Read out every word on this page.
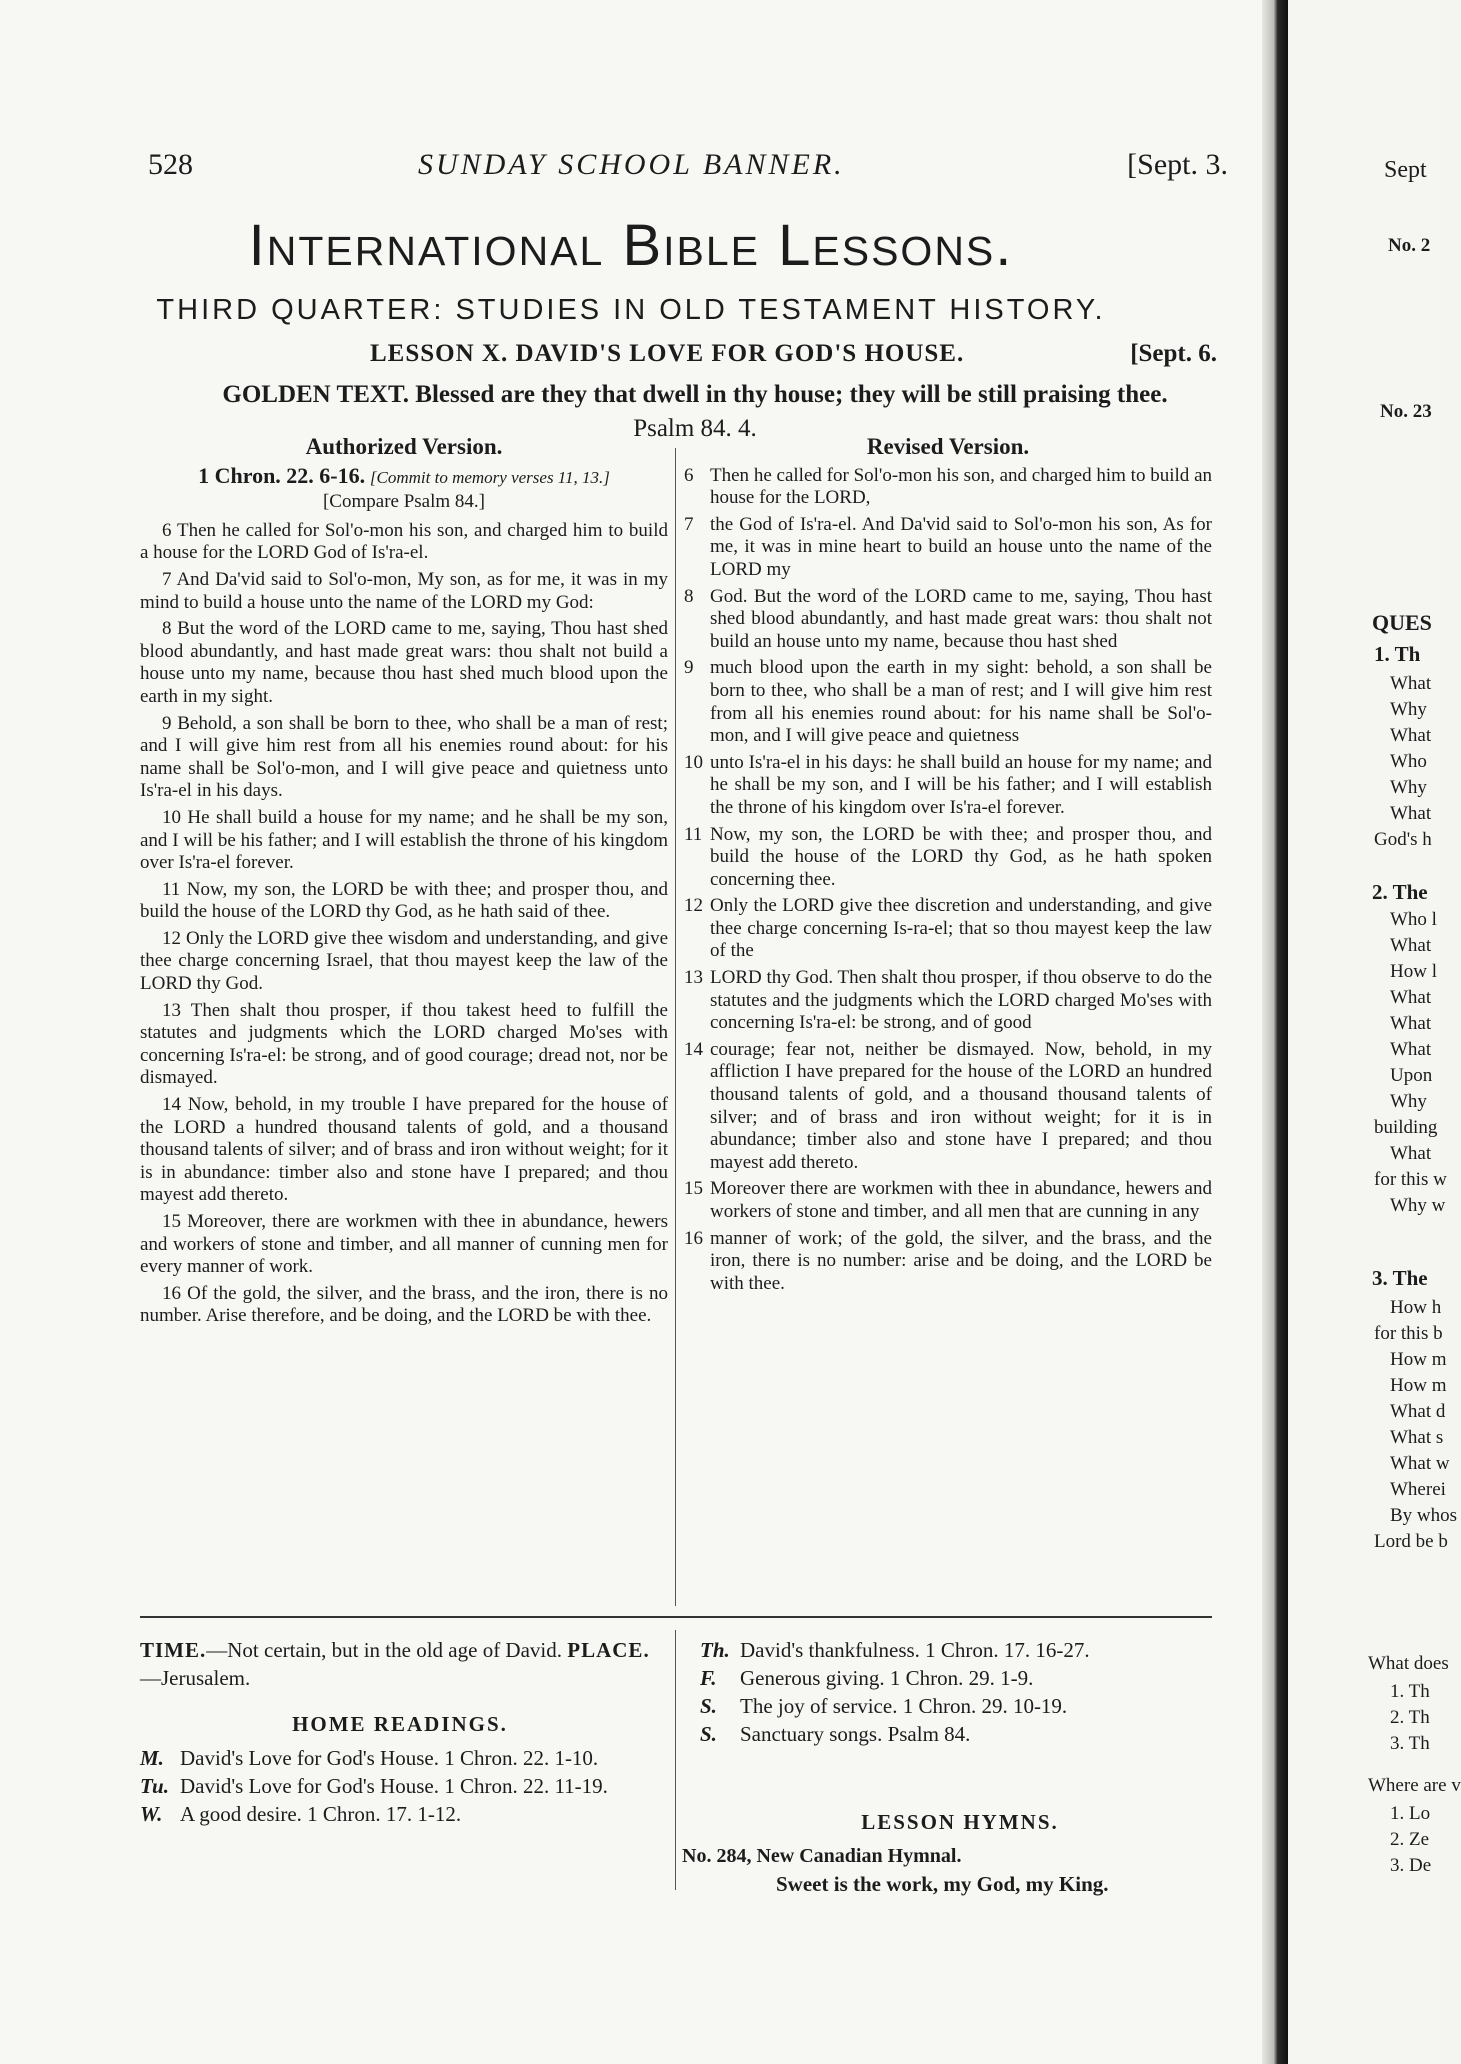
528	SUNDAY SCHOOL BANNER.	[Sept. 3.
International Bible Lessons.
THIRD QUARTER: STUDIES IN OLD TESTAMENT HISTORY.
LESSON X. DAVID'S LOVE FOR GOD'S HOUSE.	[Sept. 6.
GOLDEN TEXT. Blessed are they that dwell in thy house; they will be still praising thee. Psalm 84. 4.
Authorized Version.
1 Chron. 22. 6-16. [Commit to memory verses 11, 13.]
[Compare Psalm 84.]

6 Then he called for Sol'o-mon his son, and charged him to build a house for the LORD God of Is'ra-el.

7 And Da'vid said to Sol'o-mon, My son, as for me, it was in my mind to build a house unto the name of the LORD my God:

8 But the word of the LORD came to me, saying, Thou hast shed blood abundantly, and hast made great wars: thou shalt not build a house unto my name, because thou hast shed much blood upon the earth in my sight.

9 Behold, a son shall be born to thee, who shall be a man of rest; and I will give him rest from all his enemies round about: for his name shall be Sol'o-mon, and I will give peace and quietness unto Is'ra-el in his days.

10 He shall build a house for my name; and he shall be my son, and I will be his father; and I will establish the throne of his kingdom over Is'ra-el forever.

11 Now, my son, the LORD be with thee; and prosper thou, and build the house of the LORD thy God, as he hath said of thee.

12 Only the LORD give thee wisdom and understanding, and give thee charge concerning Israel, that thou mayest keep the law of the LORD thy God.

13 Then shalt thou prosper, if thou takest heed to fulfill the statutes and judgments which the LORD charged Mo'ses with concerning Is'ra-el: be strong, and of good courage; dread not, nor be dismayed.

14 Now, behold, in my trouble I have prepared for the house of the LORD a hundred thousand talents of gold, and a thousand thousand talents of silver; and of brass and iron without weight; for it is in abundance: timber also and stone have I prepared; and thou mayest add thereto.

15 Moreover, there are workmen with thee in abundance, hewers and workers of stone and timber, and all manner of cunning men for every manner of work.

16 Of the gold, the silver, and the brass, and the iron, there is no number. Arise therefore, and be doing, and the LORD be with thee.

Revised Version.
6 Then he called for Sol'o-mon his son, and charged him to build an house for the LORD,
7 the God of Is'ra-el. And Da'vid said to Sol'o-mon his son, As for me, it was in mine heart to build an house unto the name of the LORD my
8 God. But the word of the LORD came to me, saying, Thou hast shed blood abundantly, and hast made great wars: thou shalt not build an house unto my name, because thou hast shed
9 much blood upon the earth in my sight: behold, a son shall be born to thee, who shall be a man of rest; and I will give him rest from all his enemies round about: for his name shall be Sol'o-mon, and I will give peace and quietness
10 unto Is'ra-el in his days: he shall build an house for my name; and he shall be my son, and I will be his father; and I will establish the throne of his kingdom over Is'ra-el forever.
11 Now, my son, the LORD be with thee; and prosper thou, and build the house of the LORD thy God, as he hath spoken concerning thee.
12 Only the LORD give thee discretion and understanding, and give thee charge concerning Is-ra-el; that so thou mayest keep the law of the
13 LORD thy God. Then shalt thou prosper, if thou observe to do the statutes and the judgments which the LORD charged Mo'ses with concerning Is'ra-el: be strong, and of good
14 courage; fear not, neither be dismayed. Now, behold, in my affliction I have prepared for the house of the LORD an hundred thousand talents of gold, and a thousand thousand talents of silver; and of brass and iron without weight; for it is in abundance; timber also and stone have I prepared; and thou mayest add thereto.
15 Moreover there are workmen with thee in abundance, hewers and workers of stone and timber, and all men that are cunning in any
16 manner of work; of the gold, the silver, and the brass, and the iron, there is no number: arise and be doing, and the LORD be with thee.
TIME.—Not certain, but in the old age of David. PLACE.—Jerusalem.
HOME READINGS.
M. David's Love for God's House. 1 Chron. 22. 1-10.
Tu. David's Love for God's House. 1 Chron. 22. 11-19.
W. A good desire. 1 Chron. 17. 1-12.
Th. David's thankfulness. 1 Chron. 17. 16-27.
F.	Generous giving. 1 Chron. 29. 1-9.
S.	The joy of service. 1 Chron. 29. 10-19.
S.	Sanctuary songs. Psalm 84.
LESSON HYMNS.
No. 284, New Canadian Hymnal.
Sweet is the work, my God, my King.
Sept
No. 2
No. 23
QUES
1. Th
What
Why
What
Who
Why
What
God's h
2. The
Who l
What
How l
What
What
What
Upon
Why
building
What
for this w
Why w
3. The
How h
for this b
How m
How m
What d
What s
What w
Wherei
By whos
Lord be b
What does
1. Th
2. Th
3. Th
Where are v
1. Lo
2. Ze
3. De
